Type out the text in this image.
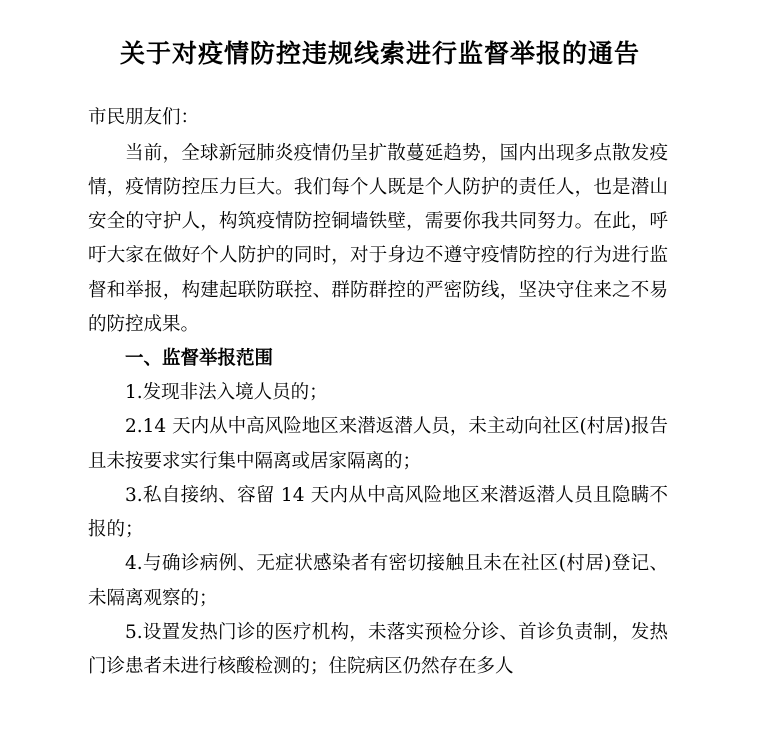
关于对疫情防控违规线索进行监督举报的通告

市民朋友们：

当前，全球新冠肺炎疫情仍呈扩散蔓延趋势，国内出现多点散发疫情，疫情防控压力巨大。我们每个人既是个人防护的责任人，也是潜山安全的守护人，构筑疫情防控铜墙铁壁，需要你我共同努力。在此，呼吁大家在做好个人防护的同时，对于身边不遵守疫情防控的行为进行监督和举报，构建起联防联控、群防群控的严密防线，坚决守住来之不易的防控成果。

一、监督举报范围

1.发现非法入境人员的；

2.14 天内从中高风险地区来潜返潜人员，未主动向社区(村居)报告且未按要求实行集中隔离或居家隔离的；

3.私自接纳、容留 14 天内从中高风险地区来潜返潜人员且隐瞒不报的；

4.与确诊病例、无症状感染者有密切接触且未在社区(村居)登记、未隔离观察的；

5.设置发热门诊的医疗机构，未落实预检分诊、首诊负责制，发热门诊患者未进行核酸检测的；住院病区仍然存在多人
